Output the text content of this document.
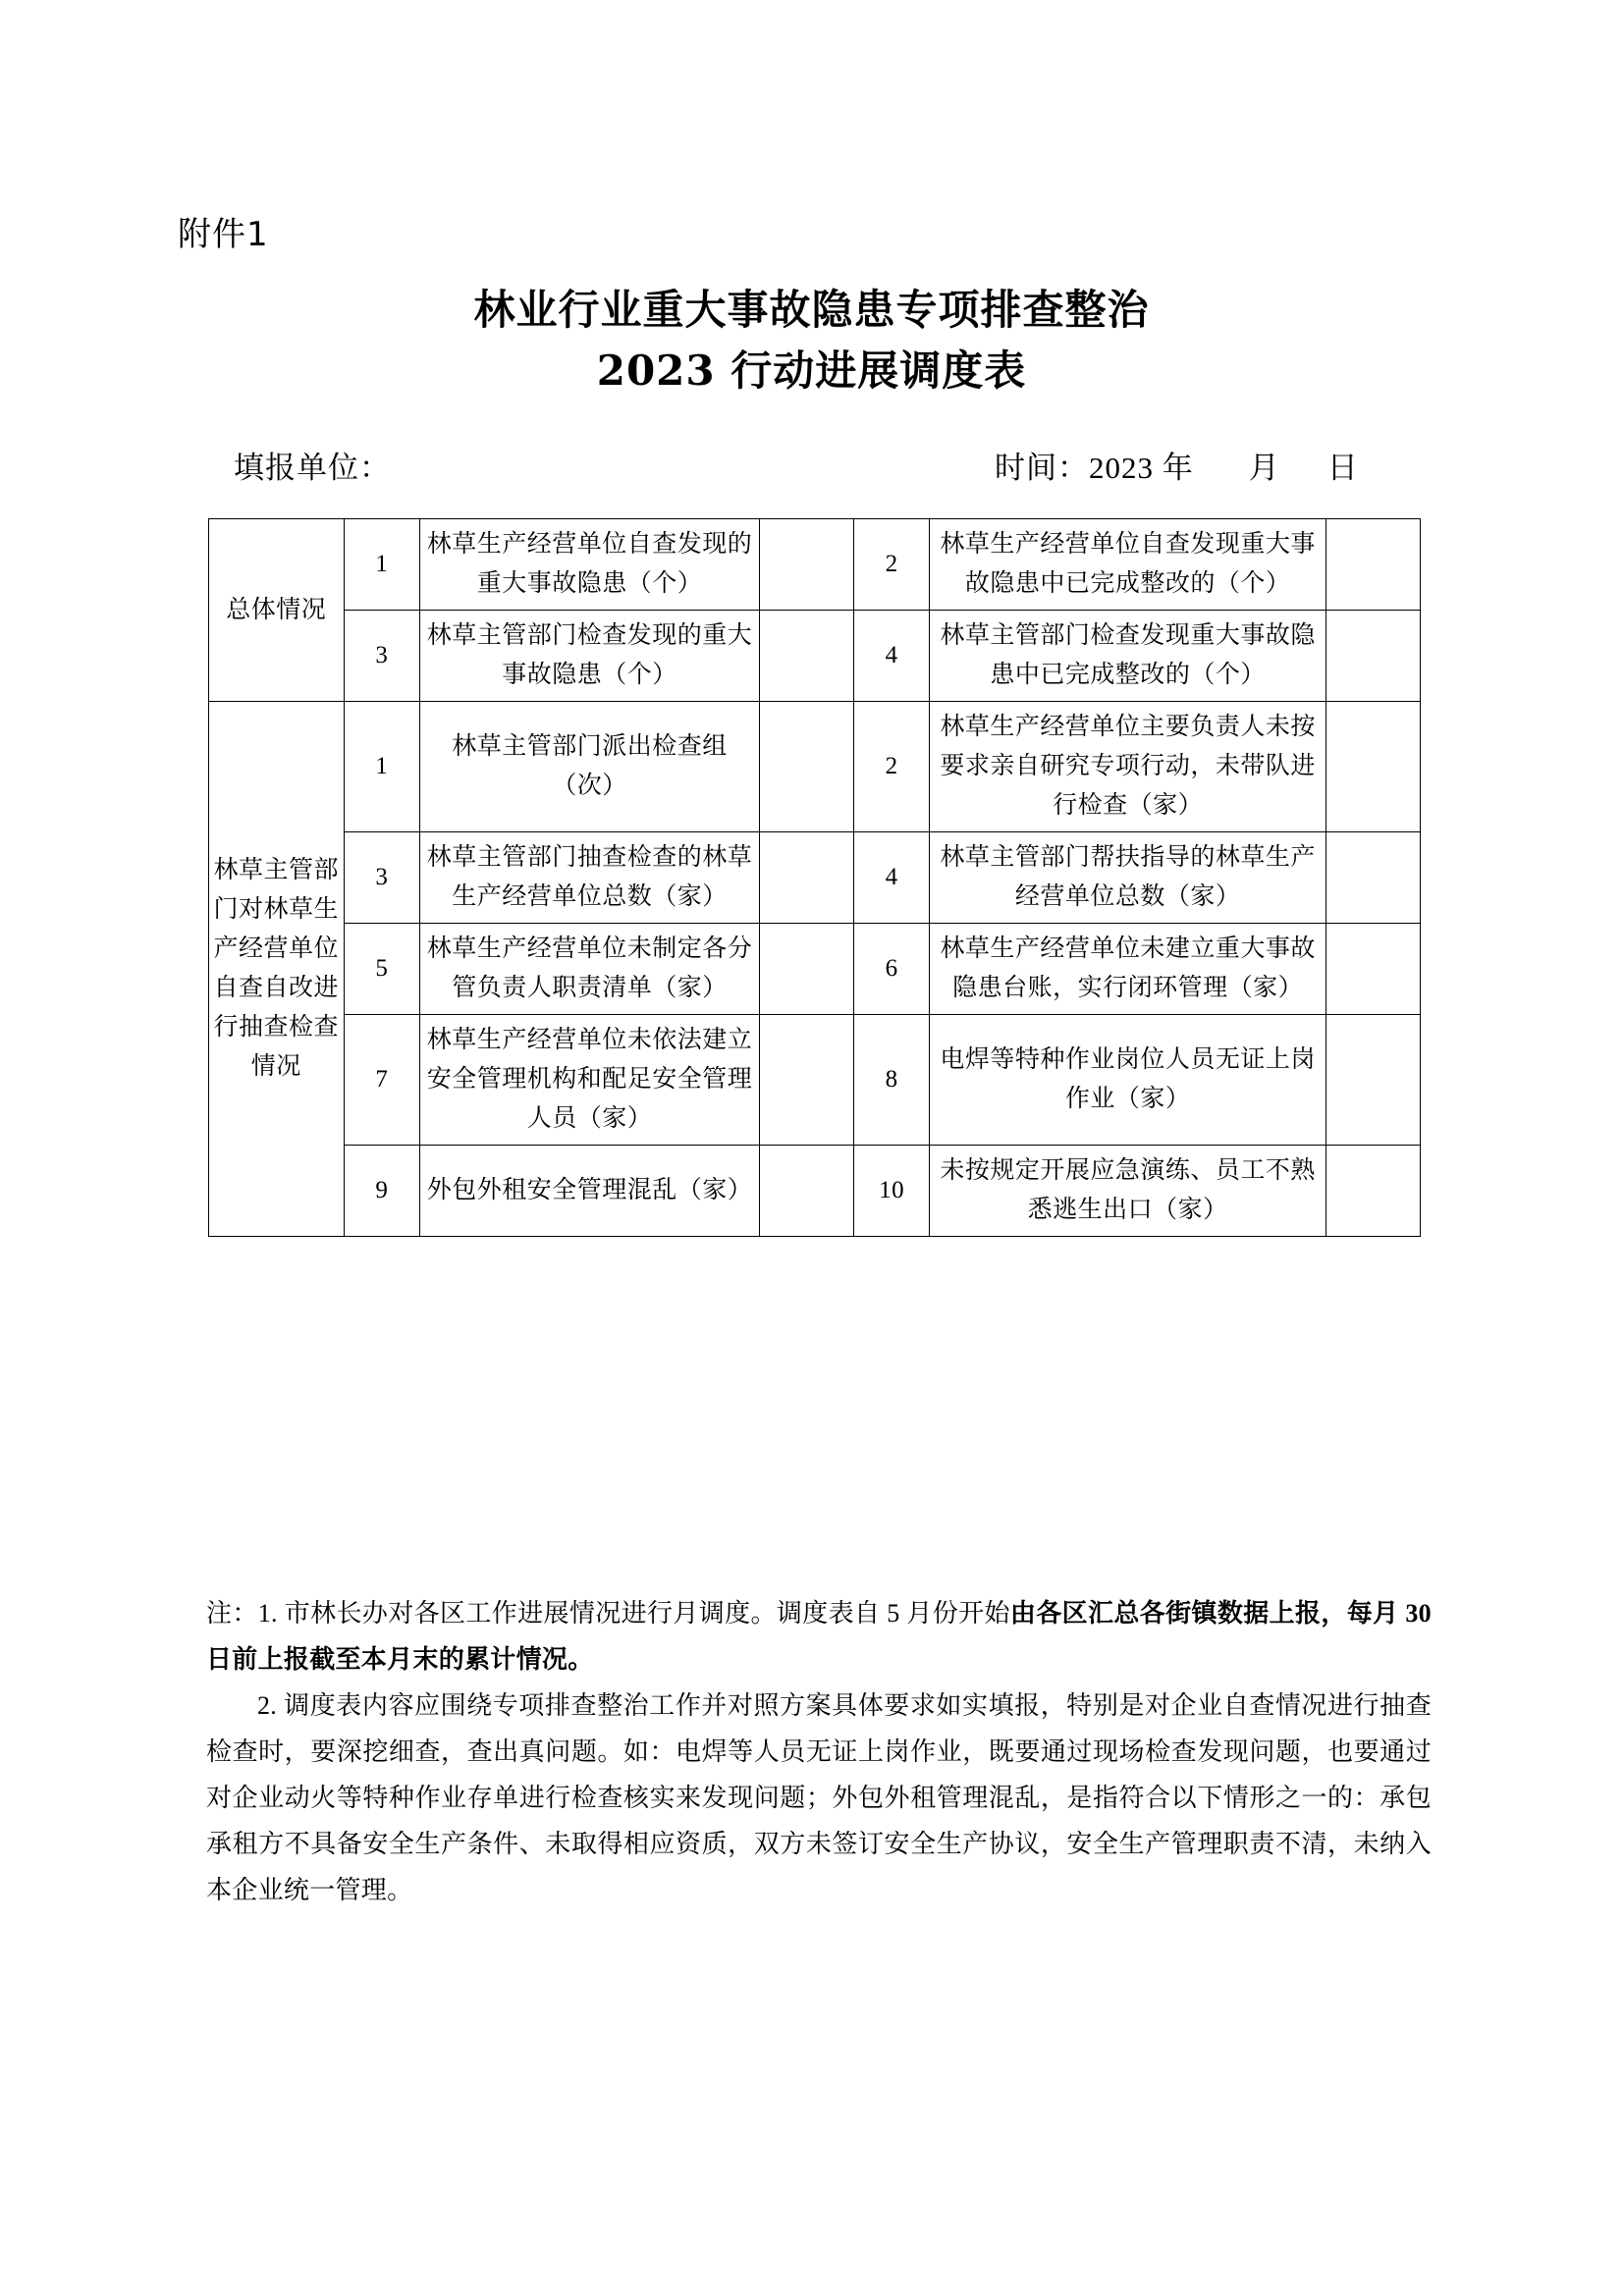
附件1
林业行业重大事故隐患专项排查整治
2023 行动进展调度表
填报单位：	时间：2023 年 月 日
总体情况	1	林草生产经营单位自查发现的重大事故隐患（个）		2	林草生产经营单位自查发现重大事故隐患中已完成整改的（个）	
	3	林草主管部门检查发现的重大事故隐患（个）		4	林草主管部门检查发现重大事故隐患中已完成整改的（个）	
林草主管部门对林草生产经营单位自查自改进行抽查检查情况	1	林草主管部门派出检查组（次）		2	林草生产经营单位主要负责人未按要求亲自研究专项行动，未带队进行检查（家）	
	3	林草主管部门抽查检查的林草生产经营单位总数（家）		4	林草主管部门帮扶指导的林草生产经营单位总数（家）	
	5	林草生产经营单位未制定各分管负责人职责清单（家）		6	林草生产经营单位未建立重大事故隐患台账，实行闭环管理（家）	
	7	林草生产经营单位未依法建立安全管理机构和配足安全管理人员（家）		8	电焊等特种作业岗位人员无证上岗作业（家）	
	9	外包外租安全管理混乱（家）		10	未按规定开展应急演练、员工不熟悉逃生出口（家）	

注：1. 市林长办对各区工作进展情况进行月调度。调度表自 5 月份开始由各区汇总各街镇数据上报，每月 30 日前上报截至本月末的累计情况。

2. 调度表内容应围绕专项排查整治工作并对照方案具体要求如实填报，特别是对企业自查情况进行抽查检查时，要深挖细查，查出真问题。如：电焊等人员无证上岗作业，既要通过现场检查发现问题，也要通过对企业动火等特种作业存单进行检查核实来发现问题；外包外租管理混乱，是指符合以下情形之一的：承包承租方不具备安全生产条件、未取得相应资质，双方未签订安全生产协议，安全生产管理职责不清，未纳入本企业统一管理。
